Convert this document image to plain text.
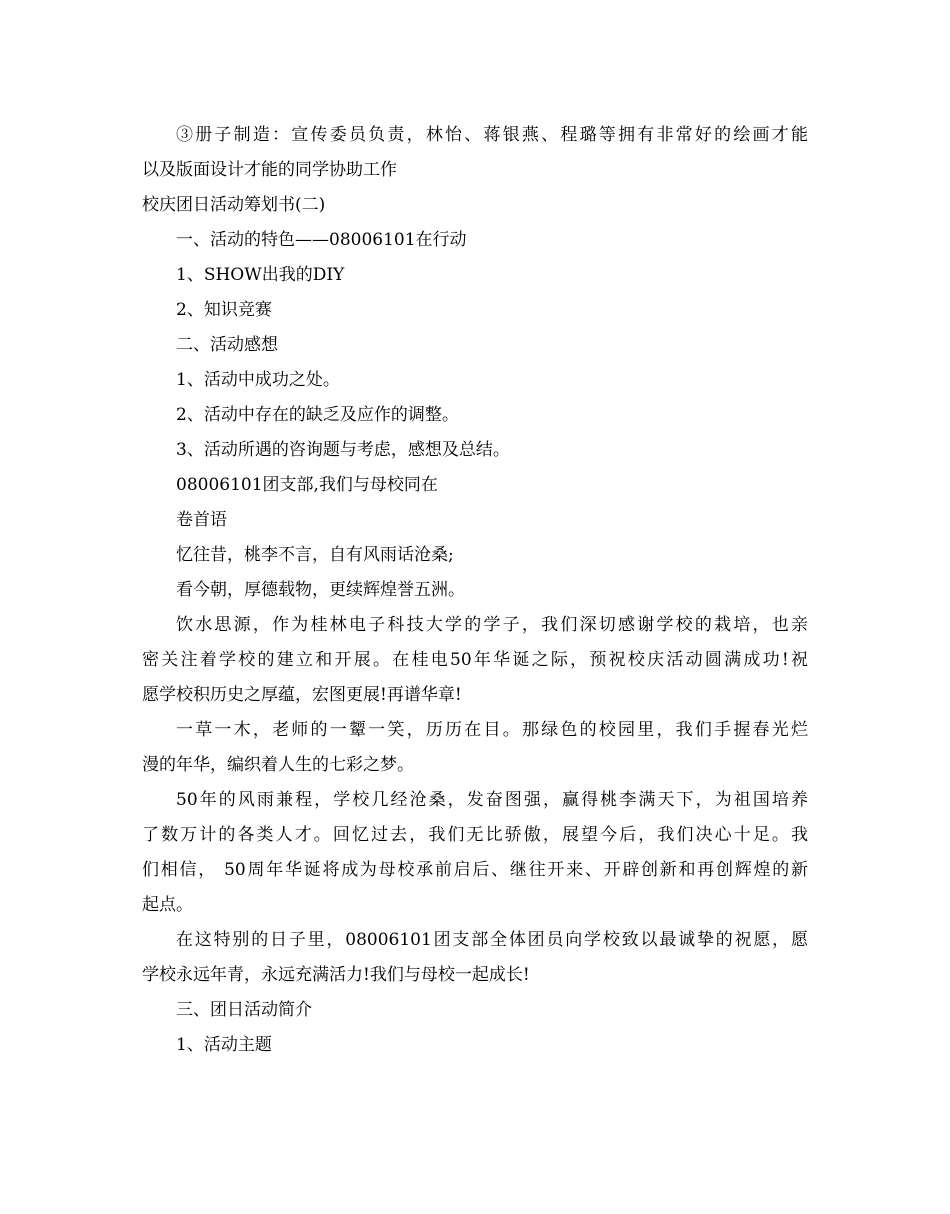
③册子制造：宣传委员负责，林怡、蒋银燕、程璐等拥有非常好的绘画才能
以及版面设计才能的同学协助工作
校庆团日活动筹划书(二)
一、活动的特色——08006101在行动
1、SHOW出我的DIY
2、知识竞赛
二、活动感想
1、活动中成功之处。
2、活动中存在的缺乏及应作的调整。
3、活动所遇的咨询题与考虑，感想及总结。
08006101团支部,我们与母校同在
卷首语
忆往昔，桃李不言，自有风雨话沧桑;
看今朝，厚德载物，更续辉煌誉五洲。
饮水思源，作为桂林电子科技大学的学子，我们深切感谢学校的栽培，也亲
密关注着学校的建立和开展。在桂电50年华诞之际，预祝校庆活动圆满成功!祝
愿学校积历史之厚蕴，宏图更展!再谱华章!
一草一木，老师的一颦一笑，历历在目。那绿色的校园里，我们手握春光烂
漫的年华，编织着人生的七彩之梦。
50年的风雨兼程，学校几经沧桑，发奋图强，赢得桃李满天下，为祖国培养
了数万计的各类人才。回忆过去，我们无比骄傲，展望今后，我们决心十足。我
们相信， 50周年华诞将成为母校承前启后、继往开来、开辟创新和再创辉煌的新
起点。
在这特别的日子里，08006101团支部全体团员向学校致以最诚挚的祝愿，愿
学校永远年青，永远充满活力!我们与母校一起成长!
三、团日活动简介
1、活动主题
